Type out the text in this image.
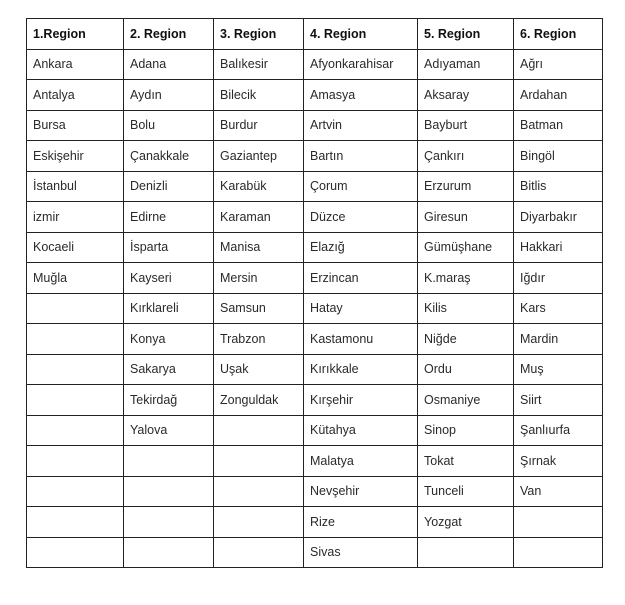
1.Region	2. Region	3. Region	4. Region	5. Region	6. Region
Ankara	Adana	Balıkesir	Afyonkarahisar	Adıyaman	Ağrı
Antalya	Aydın	Bilecik	Amasya	Aksaray	Ardahan
Bursa	Bolu	Burdur	Artvin	Bayburt	Batman
Eskişehir	Çanakkale	Gaziantep	Bartın	Çankırı	Bingöl
İstanbul	Denizli	Karabük	Çorum	Erzurum	Bitlis
izmir	Edirne	Karaman	Düzce	Giresun	Diyarbakır
Kocaeli	İsparta	Manisa	Elazığ	Gümüşhane	Hakkari
Muğla	Kayseri	Mersin	Erzincan	K.maraş	Iğdır
	Kırklareli	Samsun	Hatay	Kilis	Kars
	Konya	Trabzon	Kastamonu	Niğde	Mardin
	Sakarya	Uşak	Kırıkkale	Ordu	Muş
	Tekirdağ	Zonguldak	Kırşehir	Osmaniye	Siirt
	Yalova		Kütahya	Sinop	Şanlıurfa
			Malatya	Tokat	Şırnak
			Nevşehir	Tunceli	Van
			Rize	Yozgat	
			Sivas		
